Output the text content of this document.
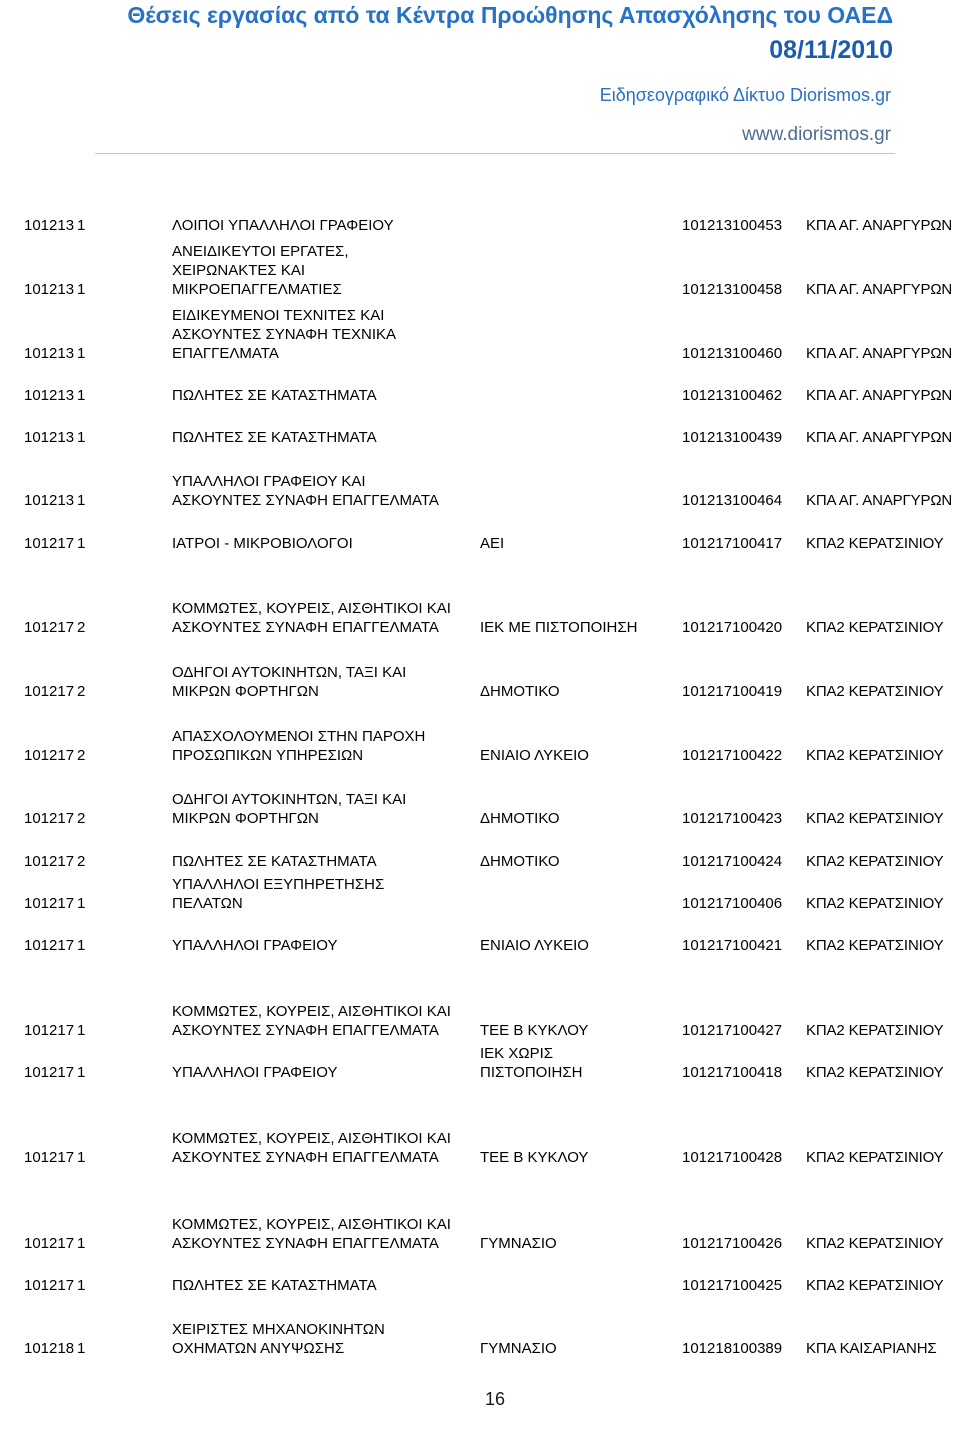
Θέσεις εργασίας από τα Κέντρα Προώθησης Απασχόλησης του ΟΑΕΔ
08/11/2010
Ειδησεογραφικό Δίκτυο Diorismos.gr
www.diorismos.gr
101213 1	ΛΟΙΠΟΙ ΥΠΑΛΛΗΛΟΙ ΓΡΑΦΕΙΟΥ	101213100453 ΚΠΑ ΑΓ. ΑΝΑΡΓΥΡΩΝ
101213 1
ΑΝΕΙΔΙΚΕΥΤΟΙ ΕΡΓΑΤΕΣ,
ΧΕΙΡΩΝΑΚΤΕΣ ΚΑΙ
ΜΙΚΡΟΕΠΑΓΓΕΛΜΑΤΙΕΣ	101213100458 ΚΠΑ ΑΓ. ΑΝΑΡΓΥΡΩΝ
101213 1
ΕΙΔΙΚΕΥΜΕΝΟΙ ΤΕΧΝΙΤΕΣ ΚΑΙ
ΑΣΚΟΥΝΤΕΣ ΣΥΝΑΦΗ ΤΕΧΝΙΚΑ
ΕΠΑΓΓΕΛΜΑΤΑ	101213100460 ΚΠΑ ΑΓ. ΑΝΑΡΓΥΡΩΝ
101213 1	ΠΩΛΗΤΕΣ ΣΕ ΚΑΤΑΣΤΗΜΑΤΑ	101213100462 ΚΠΑ ΑΓ. ΑΝΑΡΓΥΡΩΝ
101213 1	ΠΩΛΗΤΕΣ ΣΕ ΚΑΤΑΣΤΗΜΑΤΑ	101213100439 ΚΠΑ ΑΓ. ΑΝΑΡΓΥΡΩΝ
101213 1
ΥΠΑΛΛΗΛΟΙ ΓΡΑΦΕΙΟΥ ΚΑΙ
ΑΣΚΟΥΝΤΕΣ ΣΥΝΑΦΗ ΕΠΑΓΓΕΛΜΑΤΑ	101213100464 ΚΠΑ ΑΓ. ΑΝΑΡΓΥΡΩΝ
101217 1	ΙΑΤΡΟΙ - ΜΙΚΡΟΒΙΟΛΟΓΟΙ	ΑΕΙ	101217100417 ΚΠΑ2 ΚΕΡΑΤΣΙΝΙΟΥ
101217 2
ΚΟΜΜΩΤΕΣ, ΚΟΥΡΕΙΣ, ΑΙΣΘΗΤΙΚΟΙ ΚΑΙ
ΑΣΚΟΥΝΤΕΣ ΣΥΝΑΦΗ ΕΠΑΓΓΕΛΜΑΤΑ	ΙΕΚ ΜΕ ΠΙΣΤΟΠΟΙΗΣΗ	101217100420 ΚΠΑ2 ΚΕΡΑΤΣΙΝΙΟΥ
101217 2
ΟΔΗΓΟΙ ΑΥΤΟΚΙΝΗΤΩΝ, ΤΑΞΙ ΚΑΙ
ΜΙΚΡΩΝ ΦΟΡΤΗΓΩΝ	ΔΗΜΟΤΙΚΟ	101217100419 ΚΠΑ2 ΚΕΡΑΤΣΙΝΙΟΥ
101217 2
ΑΠΑΣΧΟΛΟΥΜΕΝΟΙ ΣΤΗΝ ΠΑΡΟΧΗ
ΠΡΟΣΩΠΙΚΩΝ ΥΠΗΡΕΣΙΩΝ	ΕΝΙΑΙΟ ΛΥΚΕΙΟ	101217100422 ΚΠΑ2 ΚΕΡΑΤΣΙΝΙΟΥ
101217 2
ΟΔΗΓΟΙ ΑΥΤΟΚΙΝΗΤΩΝ, ΤΑΞΙ ΚΑΙ
ΜΙΚΡΩΝ ΦΟΡΤΗΓΩΝ	ΔΗΜΟΤΙΚΟ	101217100423 ΚΠΑ2 ΚΕΡΑΤΣΙΝΙΟΥ
101217 2	ΠΩΛΗΤΕΣ ΣΕ ΚΑΤΑΣΤΗΜΑΤΑ	ΔΗΜΟΤΙΚΟ	101217100424 ΚΠΑ2 ΚΕΡΑΤΣΙΝΙΟΥ
101217 1
ΥΠΑΛΛΗΛΟΙ ΕΞΥΠΗΡΕΤΗΣΗΣ
ΠΕΛΑΤΩΝ	101217100406 ΚΠΑ2 ΚΕΡΑΤΣΙΝΙΟΥ
101217 1	ΥΠΑΛΛΗΛΟΙ ΓΡΑΦΕΙΟΥ	ΕΝΙΑΙΟ ΛΥΚΕΙΟ	101217100421 ΚΠΑ2 ΚΕΡΑΤΣΙΝΙΟΥ
101217 1
ΚΟΜΜΩΤΕΣ, ΚΟΥΡΕΙΣ, ΑΙΣΘΗΤΙΚΟΙ ΚΑΙ
ΑΣΚΟΥΝΤΕΣ ΣΥΝΑΦΗ ΕΠΑΓΓΕΛΜΑΤΑ	ΤΕΕ Β ΚΥΚΛΟΥ	101217100427 ΚΠΑ2 ΚΕΡΑΤΣΙΝΙΟΥ
101217 1	ΥΠΑΛΛΗΛΟΙ ΓΡΑΦΕΙΟΥ
ΙΕΚ ΧΩΡΙΣ
ΠΙΣΤΟΠΟΙΗΣΗ	101217100418 ΚΠΑ2 ΚΕΡΑΤΣΙΝΙΟΥ
101217 1
ΚΟΜΜΩΤΕΣ, ΚΟΥΡΕΙΣ, ΑΙΣΘΗΤΙΚΟΙ ΚΑΙ
ΑΣΚΟΥΝΤΕΣ ΣΥΝΑΦΗ ΕΠΑΓΓΕΛΜΑΤΑ	ΤΕΕ Β ΚΥΚΛΟΥ	101217100428 ΚΠΑ2 ΚΕΡΑΤΣΙΝΙΟΥ
101217 1
ΚΟΜΜΩΤΕΣ, ΚΟΥΡΕΙΣ, ΑΙΣΘΗΤΙΚΟΙ ΚΑΙ
ΑΣΚΟΥΝΤΕΣ ΣΥΝΑΦΗ ΕΠΑΓΓΕΛΜΑΤΑ	ΓΥΜΝΑΣΙΟ	101217100426 ΚΠΑ2 ΚΕΡΑΤΣΙΝΙΟΥ
101217 1	ΠΩΛΗΤΕΣ ΣΕ ΚΑΤΑΣΤΗΜΑΤΑ	101217100425 ΚΠΑ2 ΚΕΡΑΤΣΙΝΙΟΥ
101218 1
ΧΕΙΡΙΣΤΕΣ ΜΗΧΑΝΟΚΙΝΗΤΩΝ
ΟΧΗΜΑΤΩΝ ΑΝΥΨΩΣΗΣ	ΓΥΜΝΑΣΙΟ	101218100389 ΚΠΑ ΚΑΙΣΑΡΙΑΝΗΣ
16
